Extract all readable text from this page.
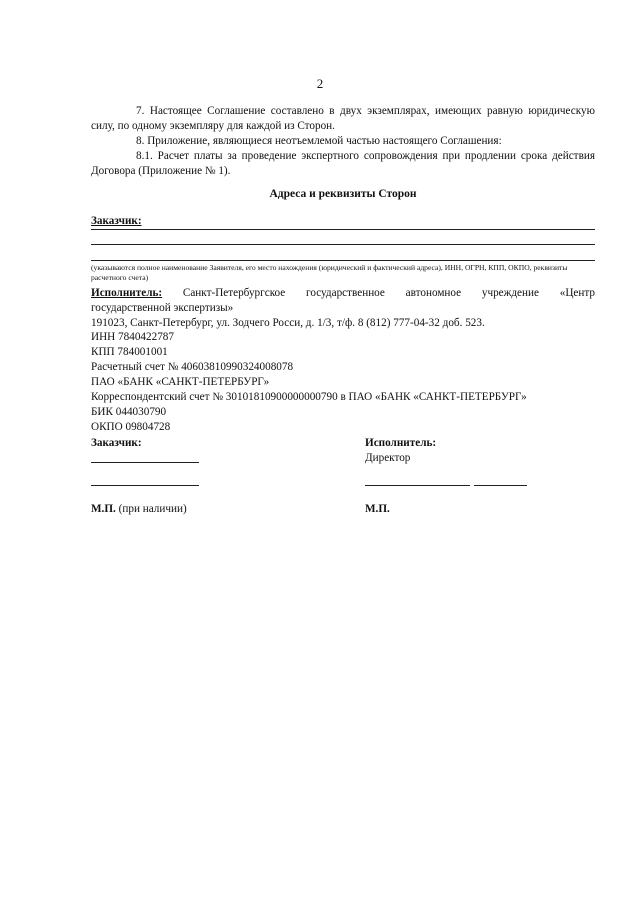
2
7. Настоящее Соглашение составлено в двух экземплярах, имеющих равную юридическую силу, по одному экземпляру для каждой из Сторон.
8. Приложение, являющиеся неотъемлемой частью настоящего Соглашения:
8.1. Расчет платы за проведение экспертного сопровождения при продлении срока действия Договора (Приложение № 1).
Адреса и реквизиты Сторон
Заказчик:
(указываются полное наименование Заявителя, его место нахождения (юридический и фактический адреса), ИНН, ОГРН, КПП, ОКПО, реквизиты расчетного счета)
Исполнитель: Санкт-Петербургское государственное автономное учреждение «Центр
государственной экспертизы»
191023, Санкт-Петербург, ул. Зодчего Росси, д. 1/3, т/ф. 8 (812) 777-04-32 доб. 523.
ИНН 7840422787
КПП 784001001
Расчетный счет № 40603810990324008078
ПАО «БАНК «САНКТ-ПЕТЕРБУРГ»
Корреспондентский счет № 30101810900000000790 в ПАО «БАНК «САНКТ-ПЕТЕРБУРГ»
БИК 044030790
ОКПО 09804728
Заказчик:	Исполнитель:
Директор
М.П. (при наличии)	М.П.
